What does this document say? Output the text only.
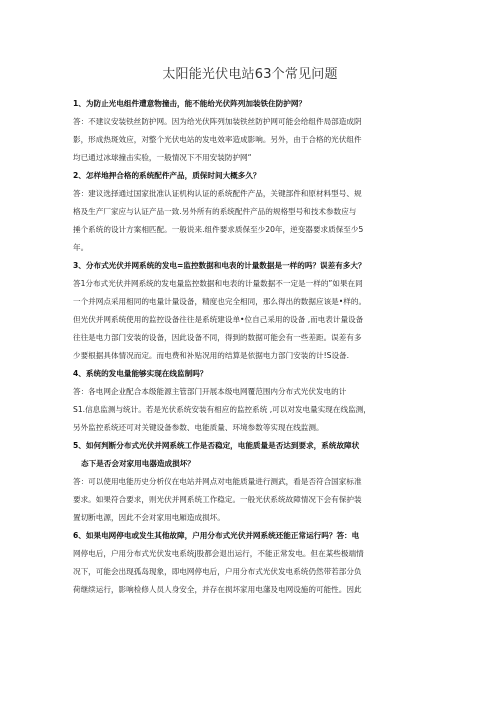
太阳能光伏电站63个常见问题
1、为防止光电组件遭意物撞击，能不能给光伏阵列加装铁住防护网？
答：不建议安装铁丝防护网。因为给光伏阵列加装铁丝防护网可能会给组件局部造成阴
影，形成热斑效应，对整个光伏电站的发电效率造成影响。另外，由于合格的光伏组件
均已通过冰球撞击实验，一般情况下不用安装防护网“
2、怎样地押合格的系统配件产品，质保时间大概多久？
答：建议选择通过国家批准认证机构认证的系统配件产品，关键部件和原材料型号、规
格及生产厂家应与认证产品一致.另外所有的系统配件产品的规格型号和技术参数应与
捶个系统的设计方案相匹配。一般说来.组件要求质保至少20年，逆变器要求质保至少5
年。
3、分布式光伏并网系统的发电=监控数据和电表的计量数据是一样的吗？误差有多大？
答1分布式光伏并网系统的发电量监控数据和电表的计量数据不一定是一样的”如果在同
一个并网点采用相同的电量计量设备，精度也完全相同，那么得出的数据应该是•样的。
但光伏并网系统使用的监控设备往往是系统建设单•位自己采用的设备 ,而电表计量设备
往往是电力部门安装的设备，因此设备不同，得到的数据可能会有一些差距。误差有多
少要根据具体情况而定。而电费和补贴况用的结算是依据电力部门安装的计!S设备.
4、系统的发电量能够实现在线监制吗？
答：各电网企业配合本级能源主管部门开展本级电网覆范围内分布式光伏发电的计
S1.信息监测与统计。若是光伏系统安装有相应的监控系统 ,可以对发电量实现在线监测，
另外监控系统还可对关键设备参数、电能质量、环境参数等实现在线监测。
5、如何判断分布式光伏并网系统工作是否稳定，电能质量是否达到要求，系统故障状
态下是否会对家用电器造成损坏？
答：可以使用电能历史分析仪在电站并网点对电能质量进行测武，看是否符合国家标准
要求。如果符合要求，则光伏并网系统工作稳定。一般光伏系统故障情况下会有保护装
置切断电源，因此不会对家用电厢造成损坏。
6、如果电网停电或发生其他故障，户用分布式光伏并网系统还能正常运行吗？答：电
网停电后，户用分布式光伏发电系统j股都会退出运行，不能正常发电。但在某些极端情
况下，可能会出现孤岛现象，即电网停电后，户用分布式光伏发电系统仍然带若部分负
荷继续运行，影响检修人员人身安全，并存在损坏家用电藩及电网设施的可能性。因此
